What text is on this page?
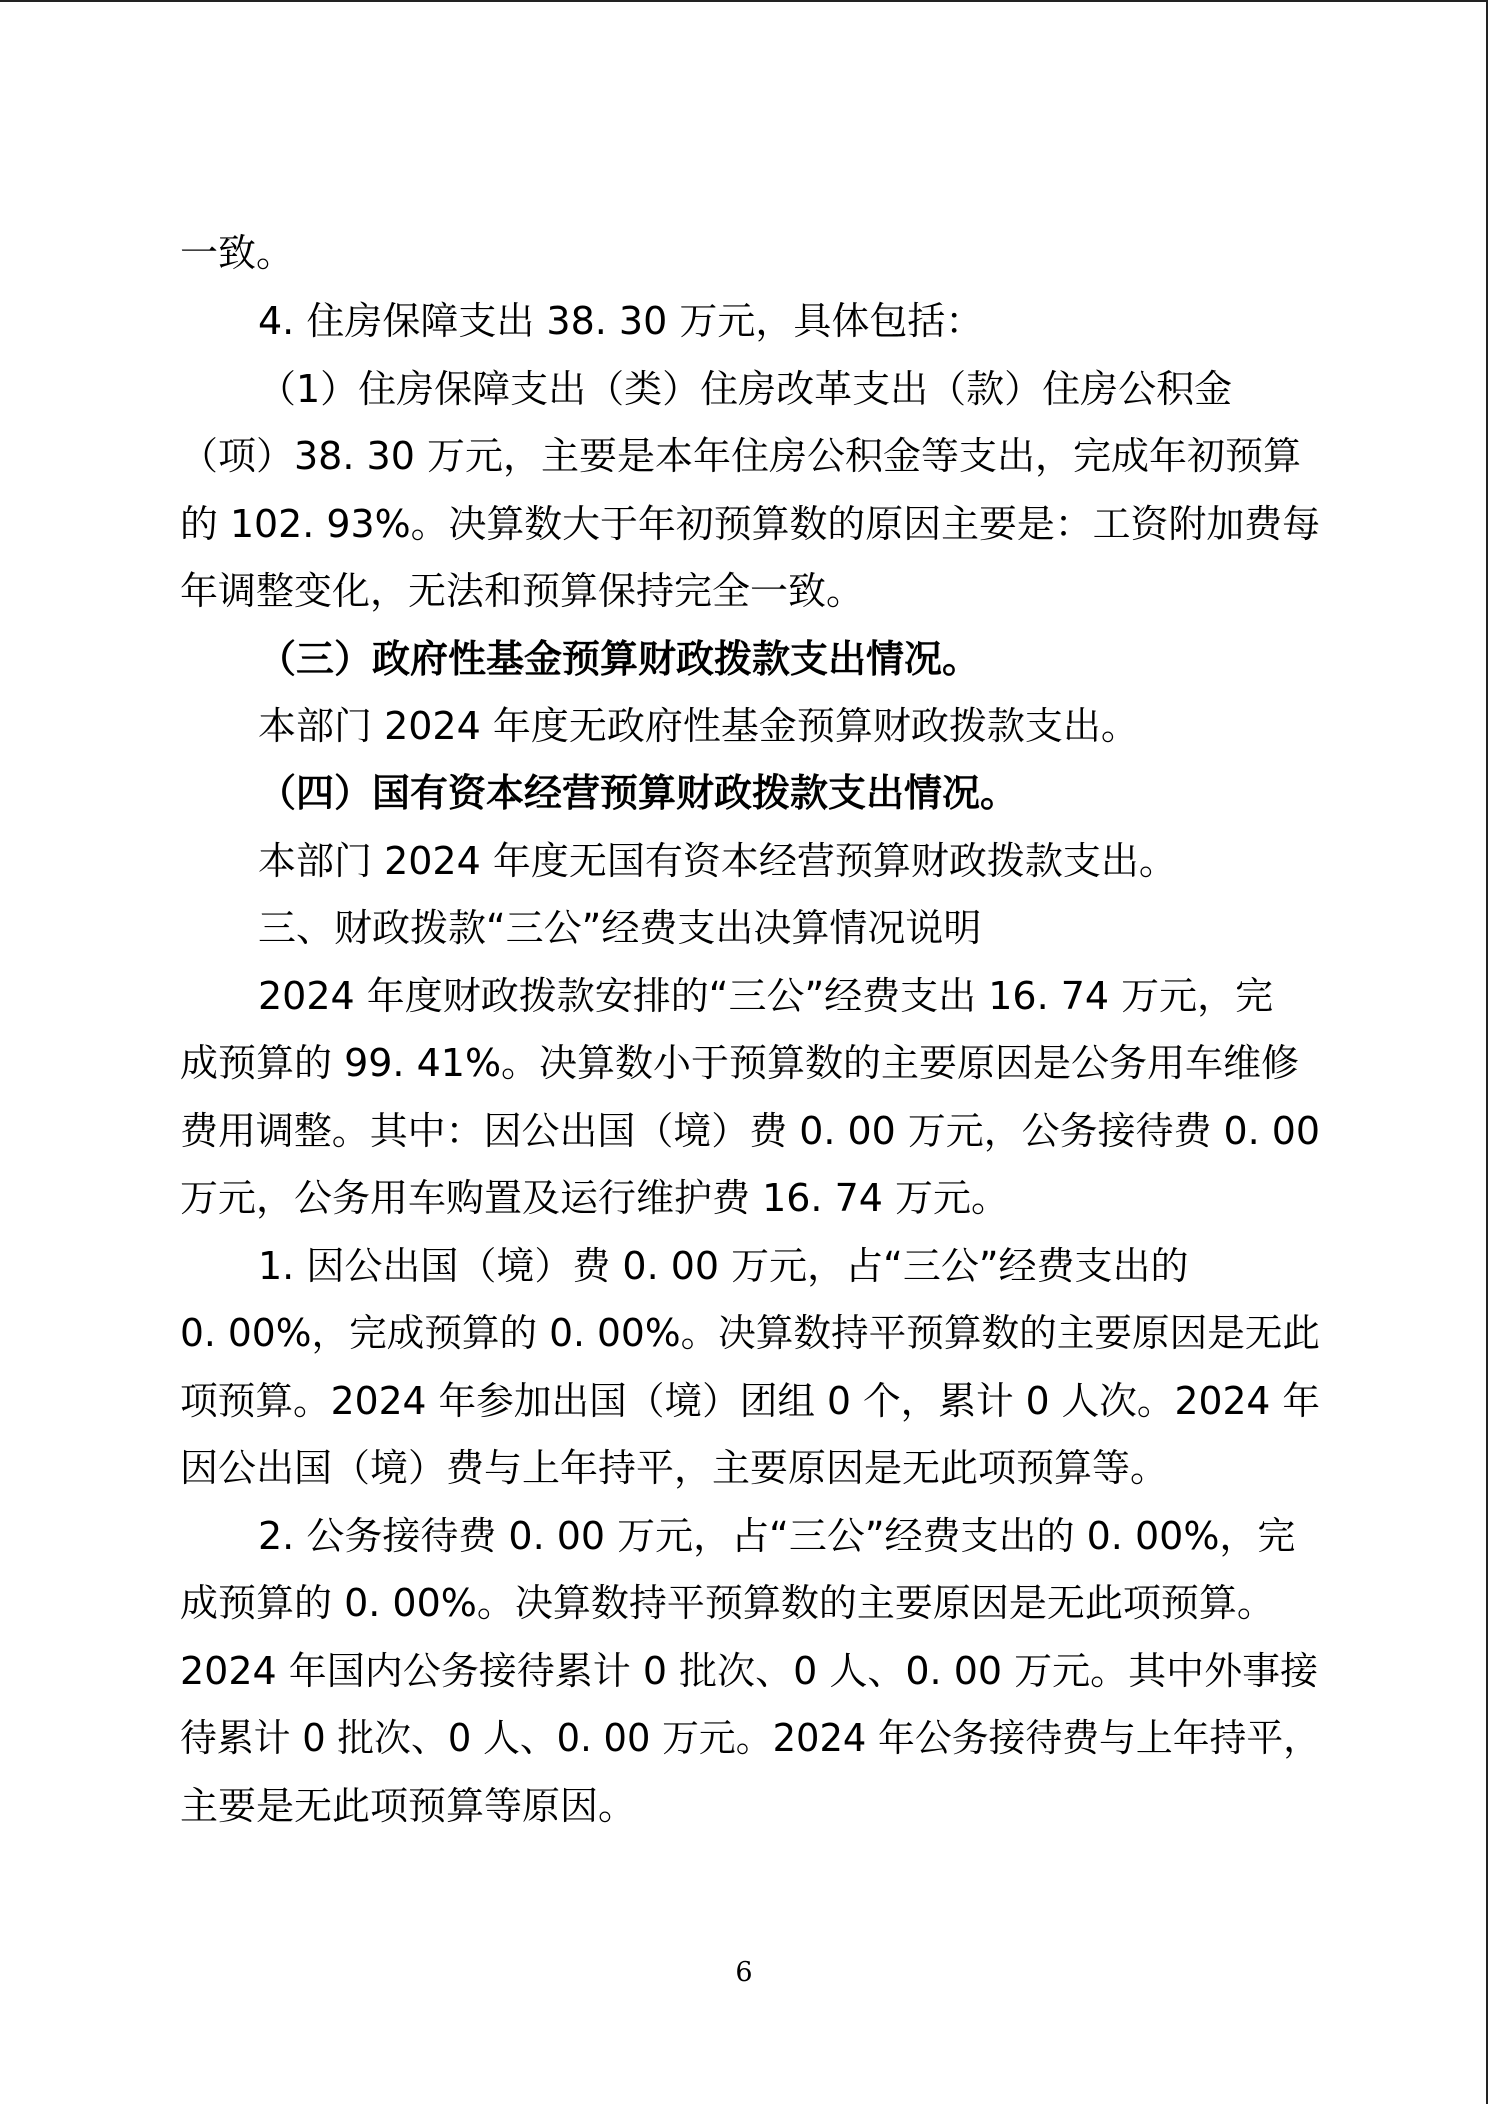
一致。
4. 住房保障支出 38. 30 万元，具体包括：
（1）住房保障支出（类）住房改革支出（款）住房公积金
（项）38. 30 万元，主要是本年住房公积金等支出，完成年初预算
的 102. 93%。决算数大于年初预算数的原因主要是：工资附加费每
年调整变化，无法和预算保持完全一致。
（三）政府性基金预算财政拨款支出情况。
本部门 2024 年度无政府性基金预算财政拨款支出。
（四）国有资本经营预算财政拨款支出情况。
本部门 2024 年度无国有资本经营预算财政拨款支出。
三、财政拨款“三公”经费支出决算情况说明
2024 年度财政拨款安排的“三公”经费支出 16. 74 万元，完
成预算的 99. 41%。决算数小于预算数的主要原因是公务用车维修
费用调整。其中：因公出国（境）费 0. 00 万元，公务接待费 0. 00
万元，公务用车购置及运行维护费 16. 74 万元。
1. 因公出国（境）费 0. 00 万元，占“三公”经费支出的
0. 00%，完成预算的 0. 00%。决算数持平预算数的主要原因是无此
项预算。2024 年参加出国（境）团组 0 个，累计 0 人次。2024 年
因公出国（境）费与上年持平，主要原因是无此项预算等。
2. 公务接待费 0. 00 万元，占“三公”经费支出的 0. 00%，完
成预算的 0. 00%。决算数持平预算数的主要原因是无此项预算。
2024 年国内公务接待累计 0 批次、0 人、0. 00 万元。其中外事接
待累计 0 批次、0 人、0. 00 万元。2024 年公务接待费与上年持平，
主要是无此项预算等原因。
6
